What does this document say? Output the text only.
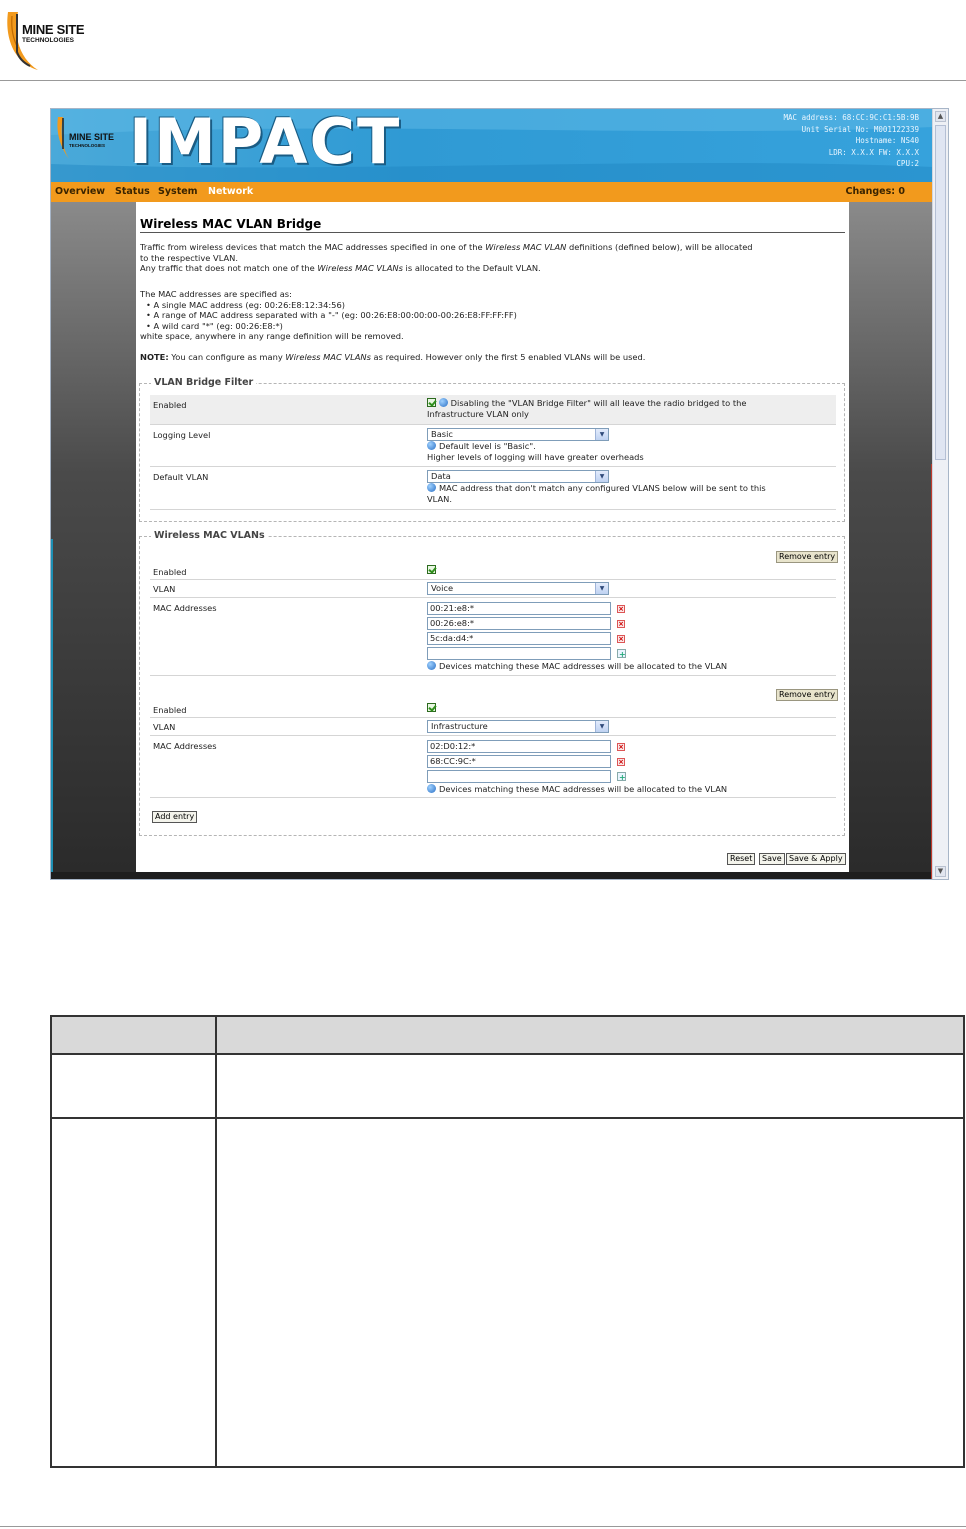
MINE SITE
TECHNOLOGIES
MINE SITE
TECHNOLOGIES IMPACT	MAC address: 68:CC:9C:C1:5B:9B
Unit Serial No: M001122339
Hostname: NS40
LDR: X.X.X FW: X.X.X
CPU:2
Overview Status System Network	Changes: 0
Wireless MAC VLAN Bridge
Traffic from wireless devices that match the MAC addresses specified in one of the Wireless MAC VLAN definitions (defined below), will be allocated
to the respective VLAN.
Any traffic that does not match one of the Wireless MAC VLANs is allocated to the Default VLAN.
The MAC addresses are specified as:
• A single MAC address (eg: 00:26:E8:12:34:56)
• A range of MAC address separated with a "-" (eg: 00:26:E8:00:00:00-00:26:E8:FF:FF:FF)
• A wild card "*" (eg: 00:26:E8:*)
white space, anywhere in any range definition will be removed.
NOTE: You can configure as many Wireless MAC VLANs as required. However only the first 5 enabled VLANs will be used.
VLAN Bridge Filter
Enabled	Disabling the "VLAN Bridge Filter" will all leave the radio bridged to the
Infrastructure VLAN only
Logging Level	Basic	▼

Default level is "Basic".
Higher levels of logging will have greater overheads
Default VLAN	Data	▼

MAC address that don't match any configured VLANS below will be sent to this
VLAN.
Wireless MAC VLANs
Remove entry
Enabled
VLAN	Voice	▼
MAC Addresses	00:21:e8:*	×
00:26:e8:*	×
5c:da:d4:*	×
+
Devices matching these MAC addresses will be allocated to the VLAN
Remove entry
Enabled
VLAN	Infrastructure	▼
MAC Addresses	02:D0:12:*	×
68:CC:9C:*	×
+
Devices matching these MAC addresses will be allocated to the VLAN
Add entry
Reset	Save Save & Apply
▲
▼
